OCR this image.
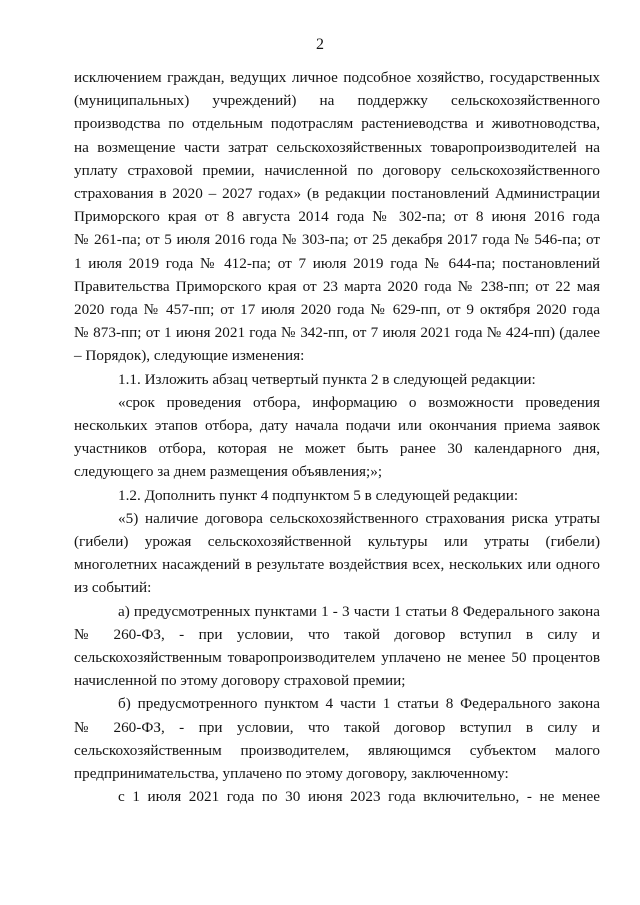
2
исключением граждан, ведущих личное подсобное хозяйство, государственных
(муниципальных) учреждений) на поддержку сельскохозяйственного
производства по отдельным подотраслям растениеводства и животноводства,
на возмещение части затрат сельскохозяйственных товаропроизводителей на
уплату страховой премии, начисленной по договору сельскохозяйственного
страхования в 2020 – 2027 годах» (в редакции постановлений Администрации
Приморского края от 8 августа 2014 года № 302-па; от 8 июня 2016 года
№ 261-па; от 5 июля 2016 года № 303-па; от 25 декабря 2017 года № 546-па; от
1 июля 2019 года № 412-па; от 7 июля 2019 года № 644-па; постановлений
Правительства Приморского края от 23 марта 2020 года № 238-пп; от 22 мая
2020 года № 457-пп; от 17 июля 2020 года № 629-пп, от 9 октября 2020 года
№ 873-пп; от 1 июня 2021 года № 342-пп, от 7 июля 2021 года № 424-пп) (далее
– Порядок), следующие изменения:
1.1. Изложить абзац четвертый пункта 2 в следующей редакции:
«срок проведения отбора, информацию о возможности проведения
нескольких этапов отбора, дату начала подачи или окончания приема заявок
участников отбора, которая не может быть ранее 30 календарного дня,
следующего за днем размещения объявления;»;
1.2. Дополнить пункт 4 подпунктом 5 в следующей редакции:
«5) наличие договора сельскохозяйственного страхования риска утраты
(гибели) урожая сельскохозяйственной культуры или утраты (гибели)
многолетних насаждений в результате воздействия всех, нескольких или одного
из событий:
а) предусмотренных пунктами 1 - 3 части 1 статьи 8 Федерального закона
№ 260-ФЗ, - при условии, что такой договор вступил в силу и
сельскохозяйственным товаропроизводителем уплачено не менее 50 процентов
начисленной по этому договору страховой премии;
б) предусмотренного пунктом 4 части 1 статьи 8 Федерального закона
№ 260-ФЗ, - при условии, что такой договор вступил в силу и
сельскохозяйственным производителем, являющимся субъектом малого
предпринимательства, уплачено по этому договору, заключенному:
с 1 июля 2021 года по 30 июня 2023 года включительно, - не менее
